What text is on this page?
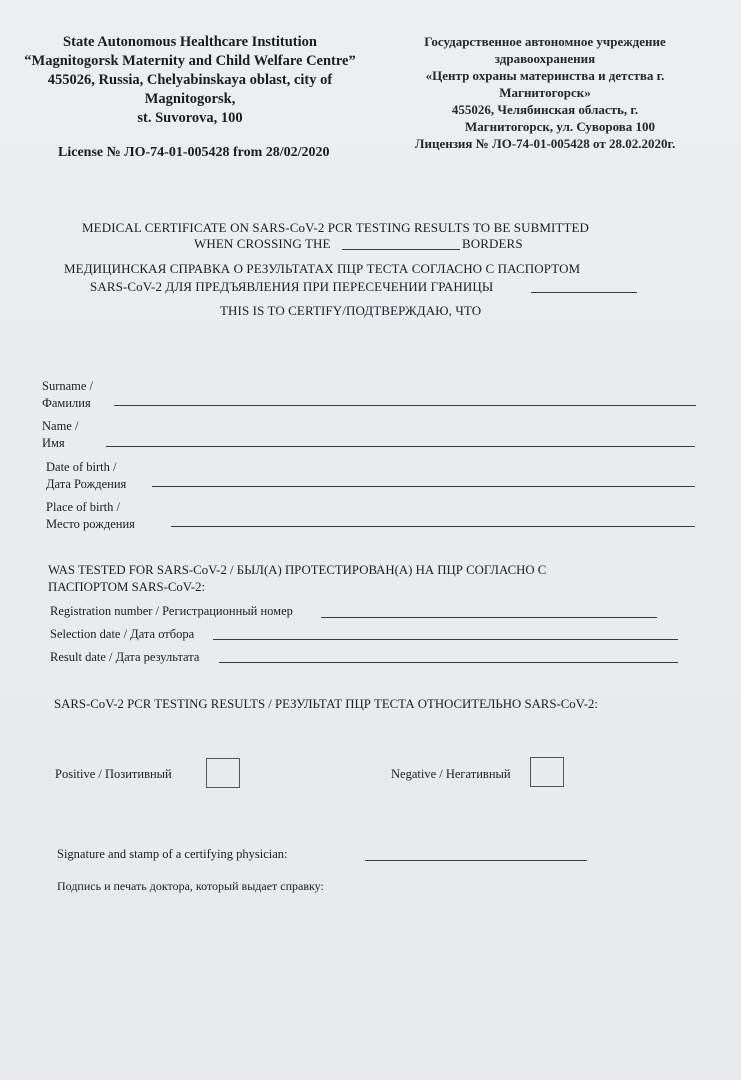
State Autonomous Healthcare Institution
“Magnitogorsk Maternity and Child Welfare Centre”
455026, Russia, Chelyabinskaya oblast, city of
Magnitogorsk,
st. Suvorova, 100
License № ЛО-74-01-005428 from 28/02/2020
Государственное автономное учреждение
здравоохранения
«Центр охраны материнства и детства г.
Магнитогорск»
455026, Челябинская область, г.
Магнитогорск, ул. Суворова 100
Лицензия № ЛО-74-01-005428 от 28.02.2020г.
MEDICAL CERTIFICATE ON SARS-CoV-2 PCR TESTING RESULTS TO BE SUBMITTED
WHEN CROSSING THE	BORDERS
МЕДИЦИНСКАЯ СПРАВКА О РЕЗУЛЬТАТАХ ПЦР ТЕСТА СОГЛАСНО С ПАСПОРТОМ
SARS-CoV-2 ДЛЯ ПРЕДЪЯВЛЕНИЯ ПРИ ПЕРЕСЕЧЕНИИ ГРАНИЦЫ
THIS IS TO CERTIFY/ПОДТВЕРЖДАЮ, ЧТО
Surname /
Фамилия
Name /
Имя
Date of birth /
Дата Рождения
Place of birth /
Место рождения
WAS TESTED FOR SARS-CoV-2 / БЫЛ(А) ПРОТЕСТИРОВАН(А) НА ПЦР СОГЛАСНО С
ПАСПОРТОМ SARS-CoV-2:
Registration number / Регистрационный номер
Selection date / Дата отбора
Result date / Дата результата
SARS-CoV-2 PCR TESTING RESULTS / РЕЗУЛЬТАТ ПЦР ТЕСТА ОТНОСИТЕЛЬНО SARS-CoV-2:
Positive / Позитивный	Negative / Негативный
Signature and stamp of a certifying physician:
Подпись и печать доктора, который выдает справку:
